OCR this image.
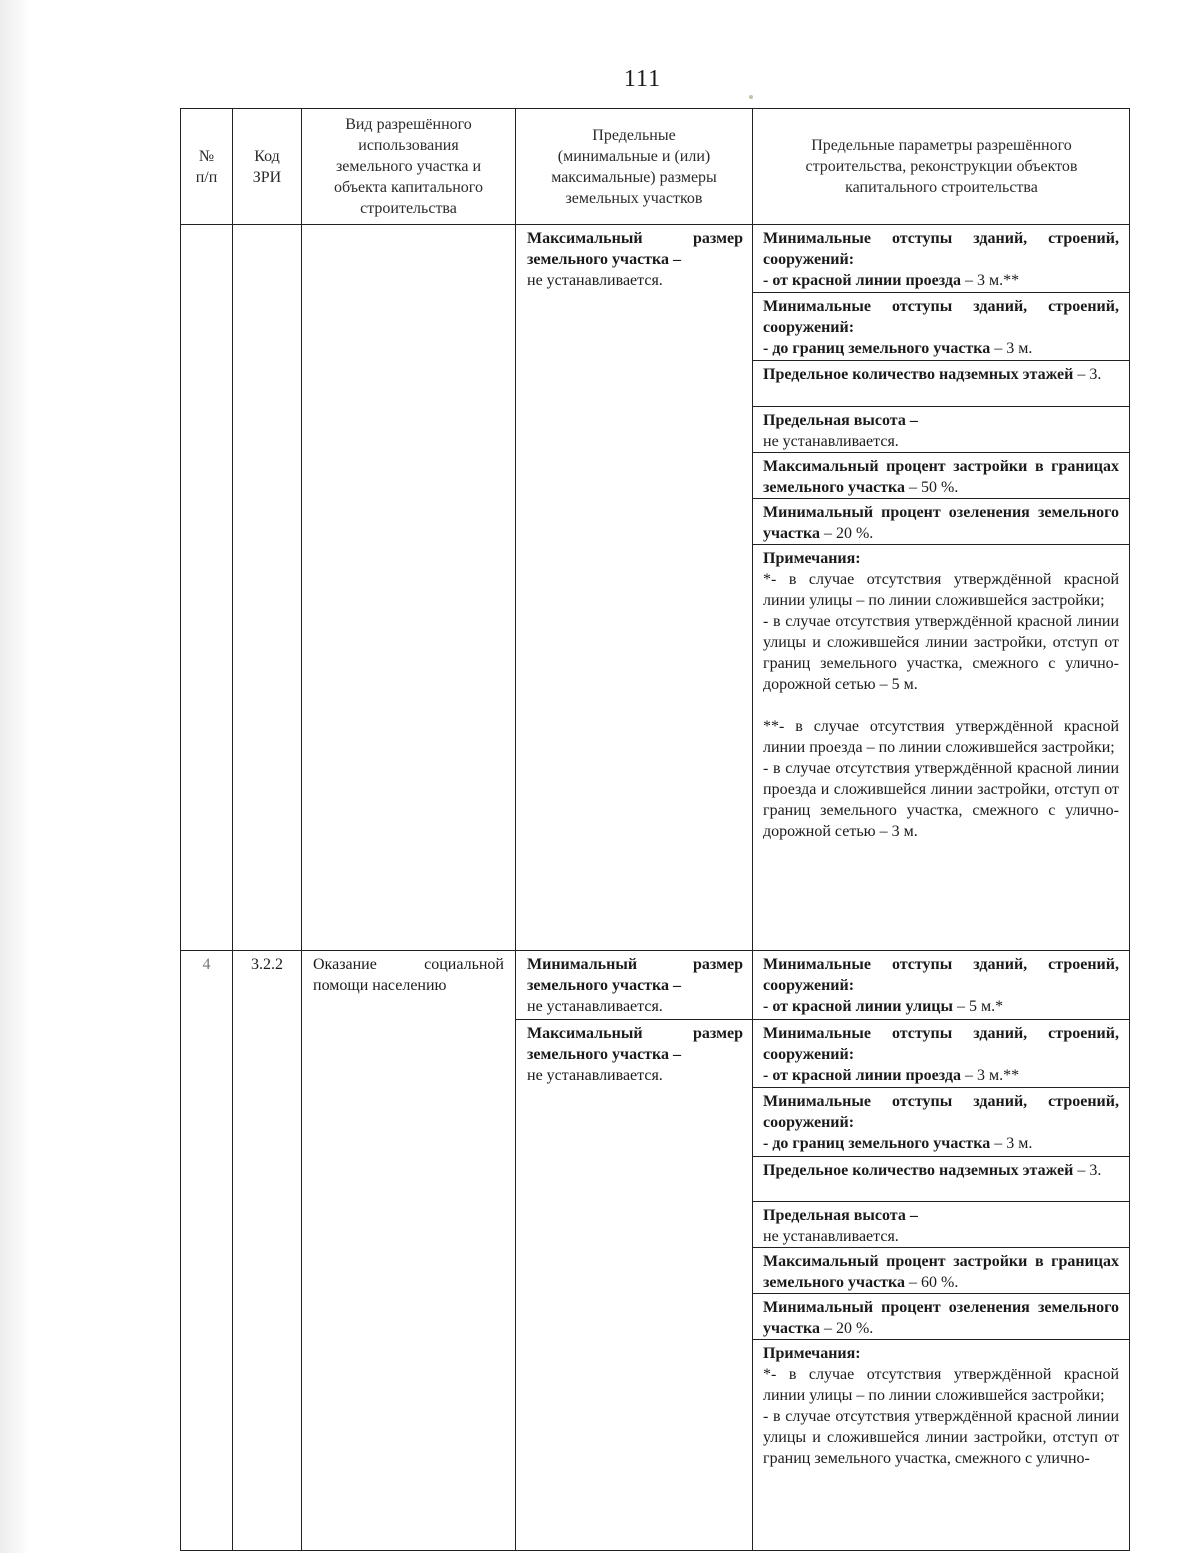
111
№
п/п
Код
ЗРИ
Вид разрешённого
использования
земельного участка и
объекта капитального
строительства
Предельные
(минимальные и (или)
максимальные) размеры
земельных участков
Предельные параметры разрешённого
строительства, реконструкции объектов
капитального строительства
Максимальный размер земельного участка –
не устанавливается.
Минимальные отступы зданий, строений, сооружений:
- от красной линии проезда – 3 м.**
Минимальные отступы зданий, строений, сооружений:
- до границ земельного участка – 3 м.
Предельное количество надземных этажей – 3.
Предельная высота –
не устанавливается.
Максимальный процент застройки в границах земельного участка – 50 %.
Минимальный процент озеленения земельного участка – 20 %.
Примечания:
*- в случае отсутствия утверждённой красной линии улицы – по линии сложившейся застройки;
- в случае отсутствия утверждённой красной линии улицы и сложившейся линии застройки, отступ от границ земельного участка, смежного с улично-дорожной сетью – 5 м.
**- в случае отсутствия утверждённой красной линии проезда – по линии сложившейся застройки;
- в случае отсутствия утверждённой красной линии проезда и сложившейся линии застройки, отступ от границ земельного участка, смежного с улично-дорожной сетью – 3 м.
4	3.2.2	Оказание социальной помощи населению
Минимальный размер земельного участка –
не устанавливается.
Максимальный размер земельного участка –
не устанавливается.
Минимальные отступы зданий, строений, сооружений:
- от красной линии улицы – 5 м.*
Минимальные отступы зданий, строений, сооружений:
- от красной линии проезда – 3 м.**
Минимальные отступы зданий, строений, сооружений:
- до границ земельного участка – 3 м.
Предельное количество надземных этажей – 3.
Предельная высота –
не устанавливается.
Максимальный процент застройки в границах земельного участка – 60 %.
Минимальный процент озеленения земельного участка – 20 %.
Примечания:
*- в случае отсутствия утверждённой красной линии улицы – по линии сложившейся застройки;
- в случае отсутствия утверждённой красной линии улицы и сложившейся линии застройки, отступ от границ земельного участка, смежного с улично-
